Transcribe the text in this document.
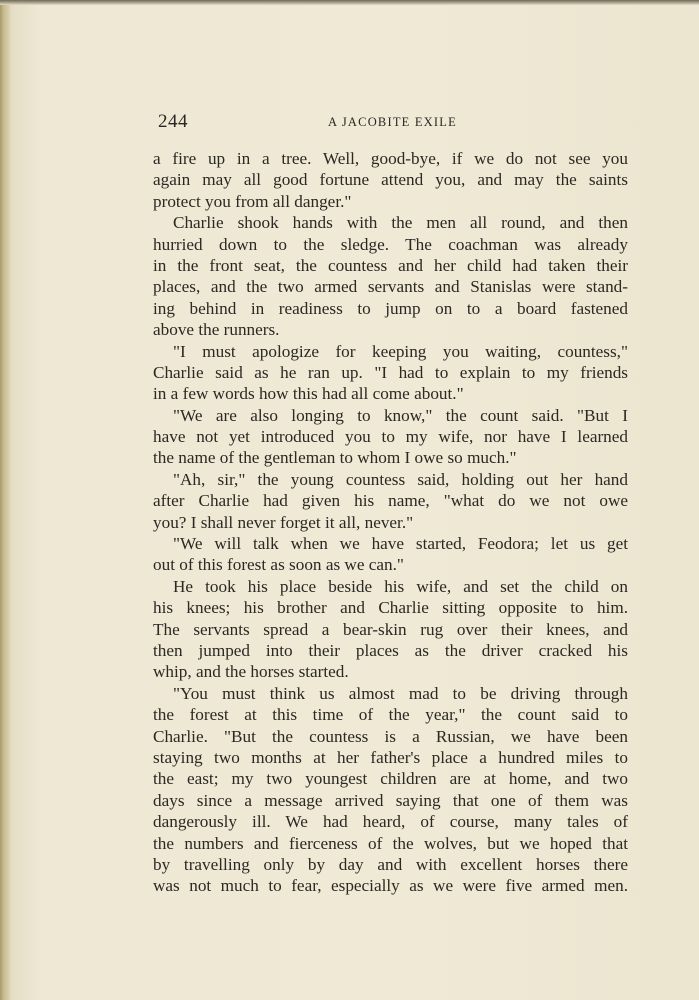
244	A JACOBITE EXILE
a fire up in a tree. Well, good-bye, if we do not see you
again may all good fortune attend you, and may the saints
protect you from all danger."
Charlie shook hands with the men all round, and then
hurried down to the sledge. The coachman was already
in the front seat, the countess and her child had taken their
places, and the two armed servants and Stanislas were stand-
ing behind in readiness to jump on to a board fastened
above the runners.
"I must apologize for keeping you waiting, countess,"
Charlie said as he ran up. "I had to explain to my friends
in a few words how this had all come about."
"We are also longing to know," the count said. "But I
have not yet introduced you to my wife, nor have I learned
the name of the gentleman to whom I owe so much."
"Ah, sir," the young countess said, holding out her hand
after Charlie had given his name, "what do we not owe
you? I shall never forget it all, never."
"We will talk when we have started, Feodora; let us get
out of this forest as soon as we can."
He took his place beside his wife, and set the child on
his knees; his brother and Charlie sitting opposite to him.
The servants spread a bear-skin rug over their knees, and
then jumped into their places as the driver cracked his
whip, and the horses started.
"You must think us almost mad to be driving through
the forest at this time of the year," the count said to
Charlie. "But the countess is a Russian, we have been
staying two months at her father's place a hundred miles to
the east; my two youngest children are at home, and two
days since a message arrived saying that one of them was
dangerously ill. We had heard, of course, many tales of
the numbers and fierceness of the wolves, but we hoped that
by travelling only by day and with excellent horses there
was not much to fear, especially as we were five armed men.
